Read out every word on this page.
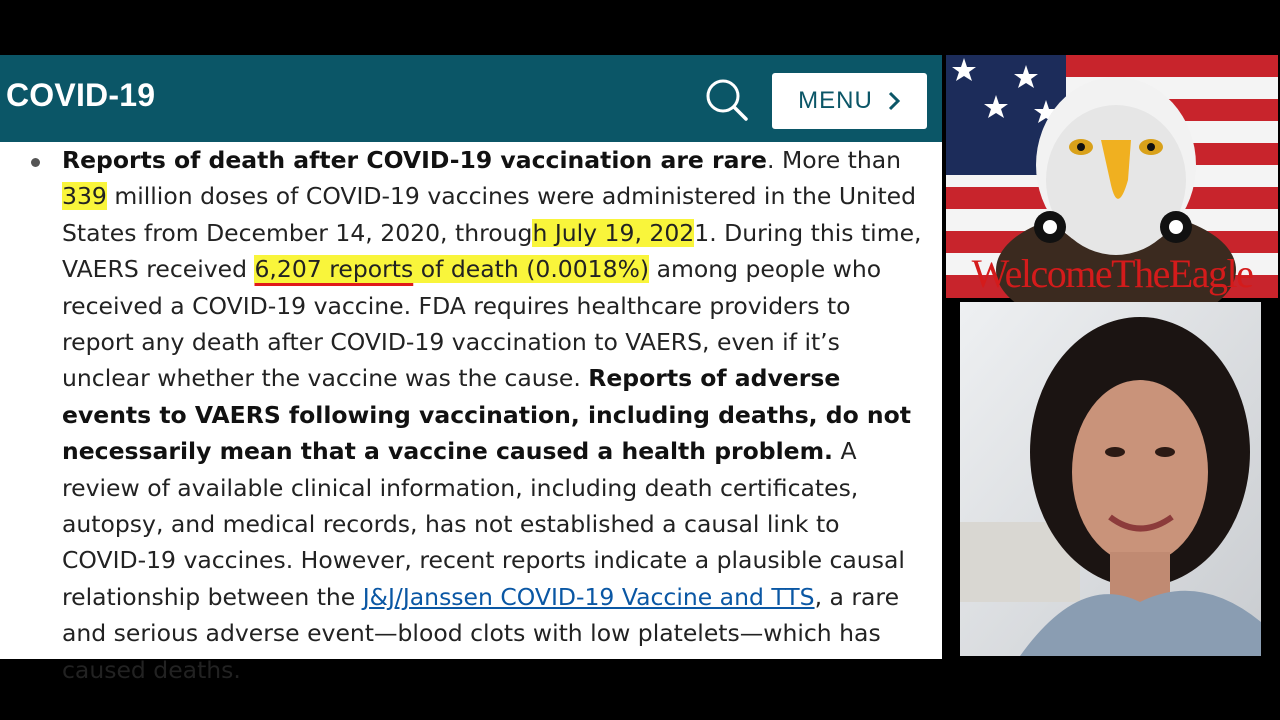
COVID-19	MENU

Reports of death after COVID-19 vaccination are rare. More than 339 million doses of COVID-19 vaccines were administered in the United States from December 14, 2020, through July 19, 2021. During this time, VAERS received 6,207 reports of death (0.0018%) among people who received a COVID-19 vaccine. FDA requires healthcare providers to report any death after COVID-19 vaccination to VAERS, even if it’s unclear whether the vaccine was the cause. Reports of adverse events to VAERS following vaccination, including deaths, do not necessarily mean that a vaccine caused a health problem. A review of available clinical information, including death certificates, autopsy, and medical records, has not established a causal link to COVID-19 vaccines. However, recent reports indicate a plausible causal relationship between the J&J/Janssen COVID-19 Vaccine and TTS, a rare and serious adverse event—blood clots with low platelets—which has caused deaths.

WelcomeTheEagle
